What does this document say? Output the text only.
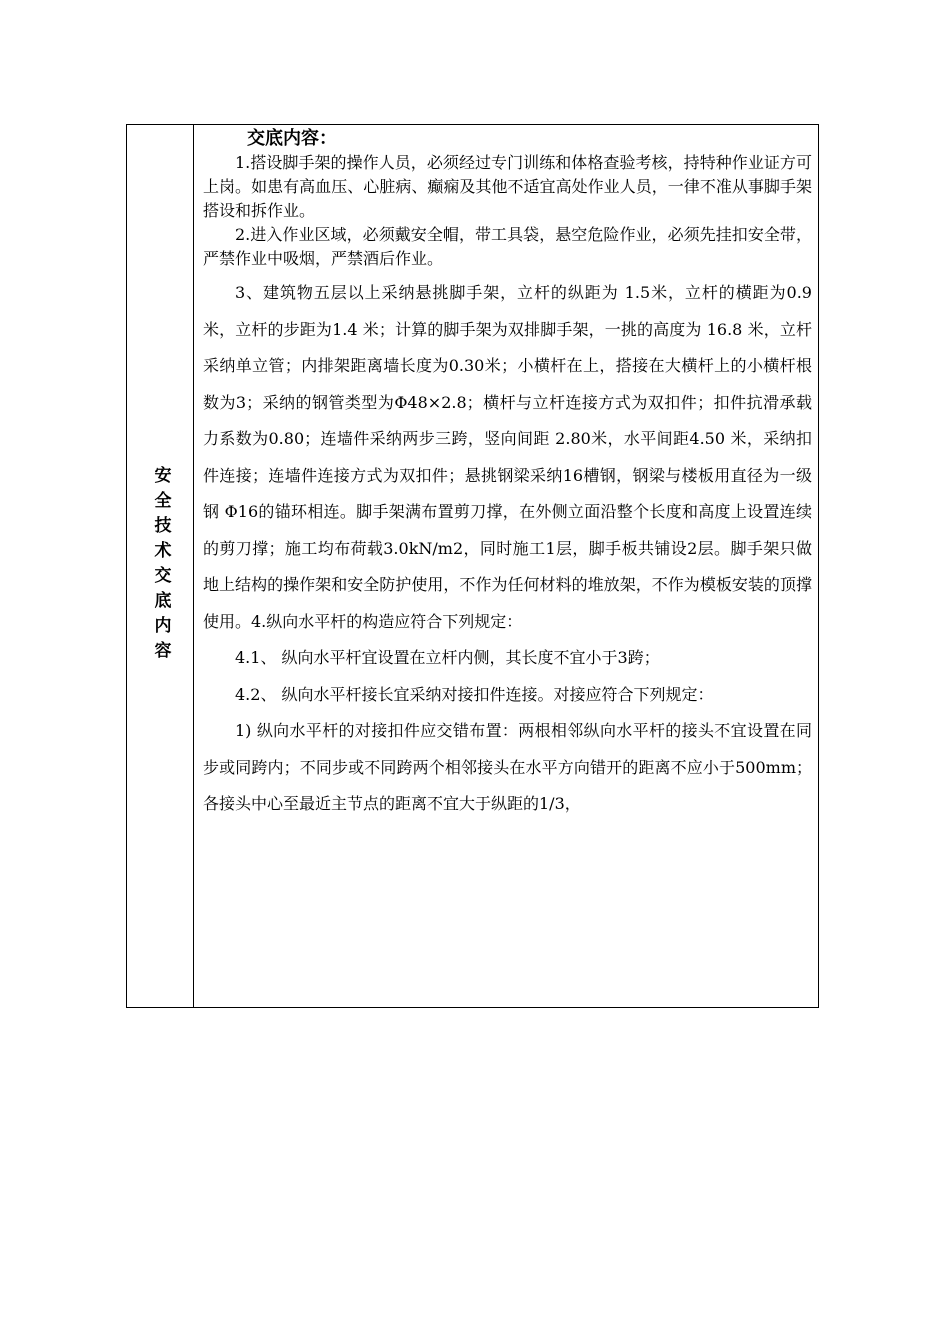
安全技术交底内容
交底内容：

1.搭设脚手架的操作人员，必须经过专门训练和体格查验考核，持特种作业证方可上岗。如患有高血压、心脏病、癫痫及其他不适宜高处作业人员，一律不准从事脚手架搭设和拆作业。

2.进入作业区域，必须戴安全帽，带工具袋，悬空危险作业，必须先挂扣安全带，严禁作业中吸烟，严禁酒后作业。

3、建筑物五层以上采纳悬挑脚手架，立杆的纵距为 1.5米，立杆的横距为0.9米，立杆的步距为1.4 米；计算的脚手架为双排脚手架，一挑的高度为 16.8 米，立杆采纳单立管；内排架距离墙长度为0.30米；小横杆在上，搭接在大横杆上的小横杆根数为3；采纳的钢管类型为Φ48×2.8；横杆与立杆连接方式为双扣件；扣件抗滑承载力系数为0.80；连墙件采纳两步三跨，竖向间距 2.80米，水平间距4.50 米，采纳扣件连接；连墙件连接方式为双扣件；悬挑钢梁采纳16槽钢，钢梁与楼板用直径为一级钢 Φ16的锚环相连。脚手架满布置剪刀撑，在外侧立面沿整个长度和高度上设置连续的剪刀撑；施工均布荷载3.0kN/m2，同时施工1层，脚手板共铺设2层。脚手架只做地上结构的操作架和安全防护使用，不作为任何材料的堆放架，不作为模板安装的顶撑使用。4.纵向水平杆的构造应符合下列规定：

4.1、 纵向水平杆宜设置在立杆内侧，其长度不宜小于3跨；

4.2、 纵向水平杆接长宜采纳对接扣件连接。对接应符合下列规定：

1) 纵向水平杆的对接扣件应交错布置：两根相邻纵向水平杆的接头不宜设置在同步或同跨内；不同步或不同跨两个相邻接头在水平方向错开的距离不应小于500mm；各接头中心至最近主节点的距离不宜大于纵距的1/3，
